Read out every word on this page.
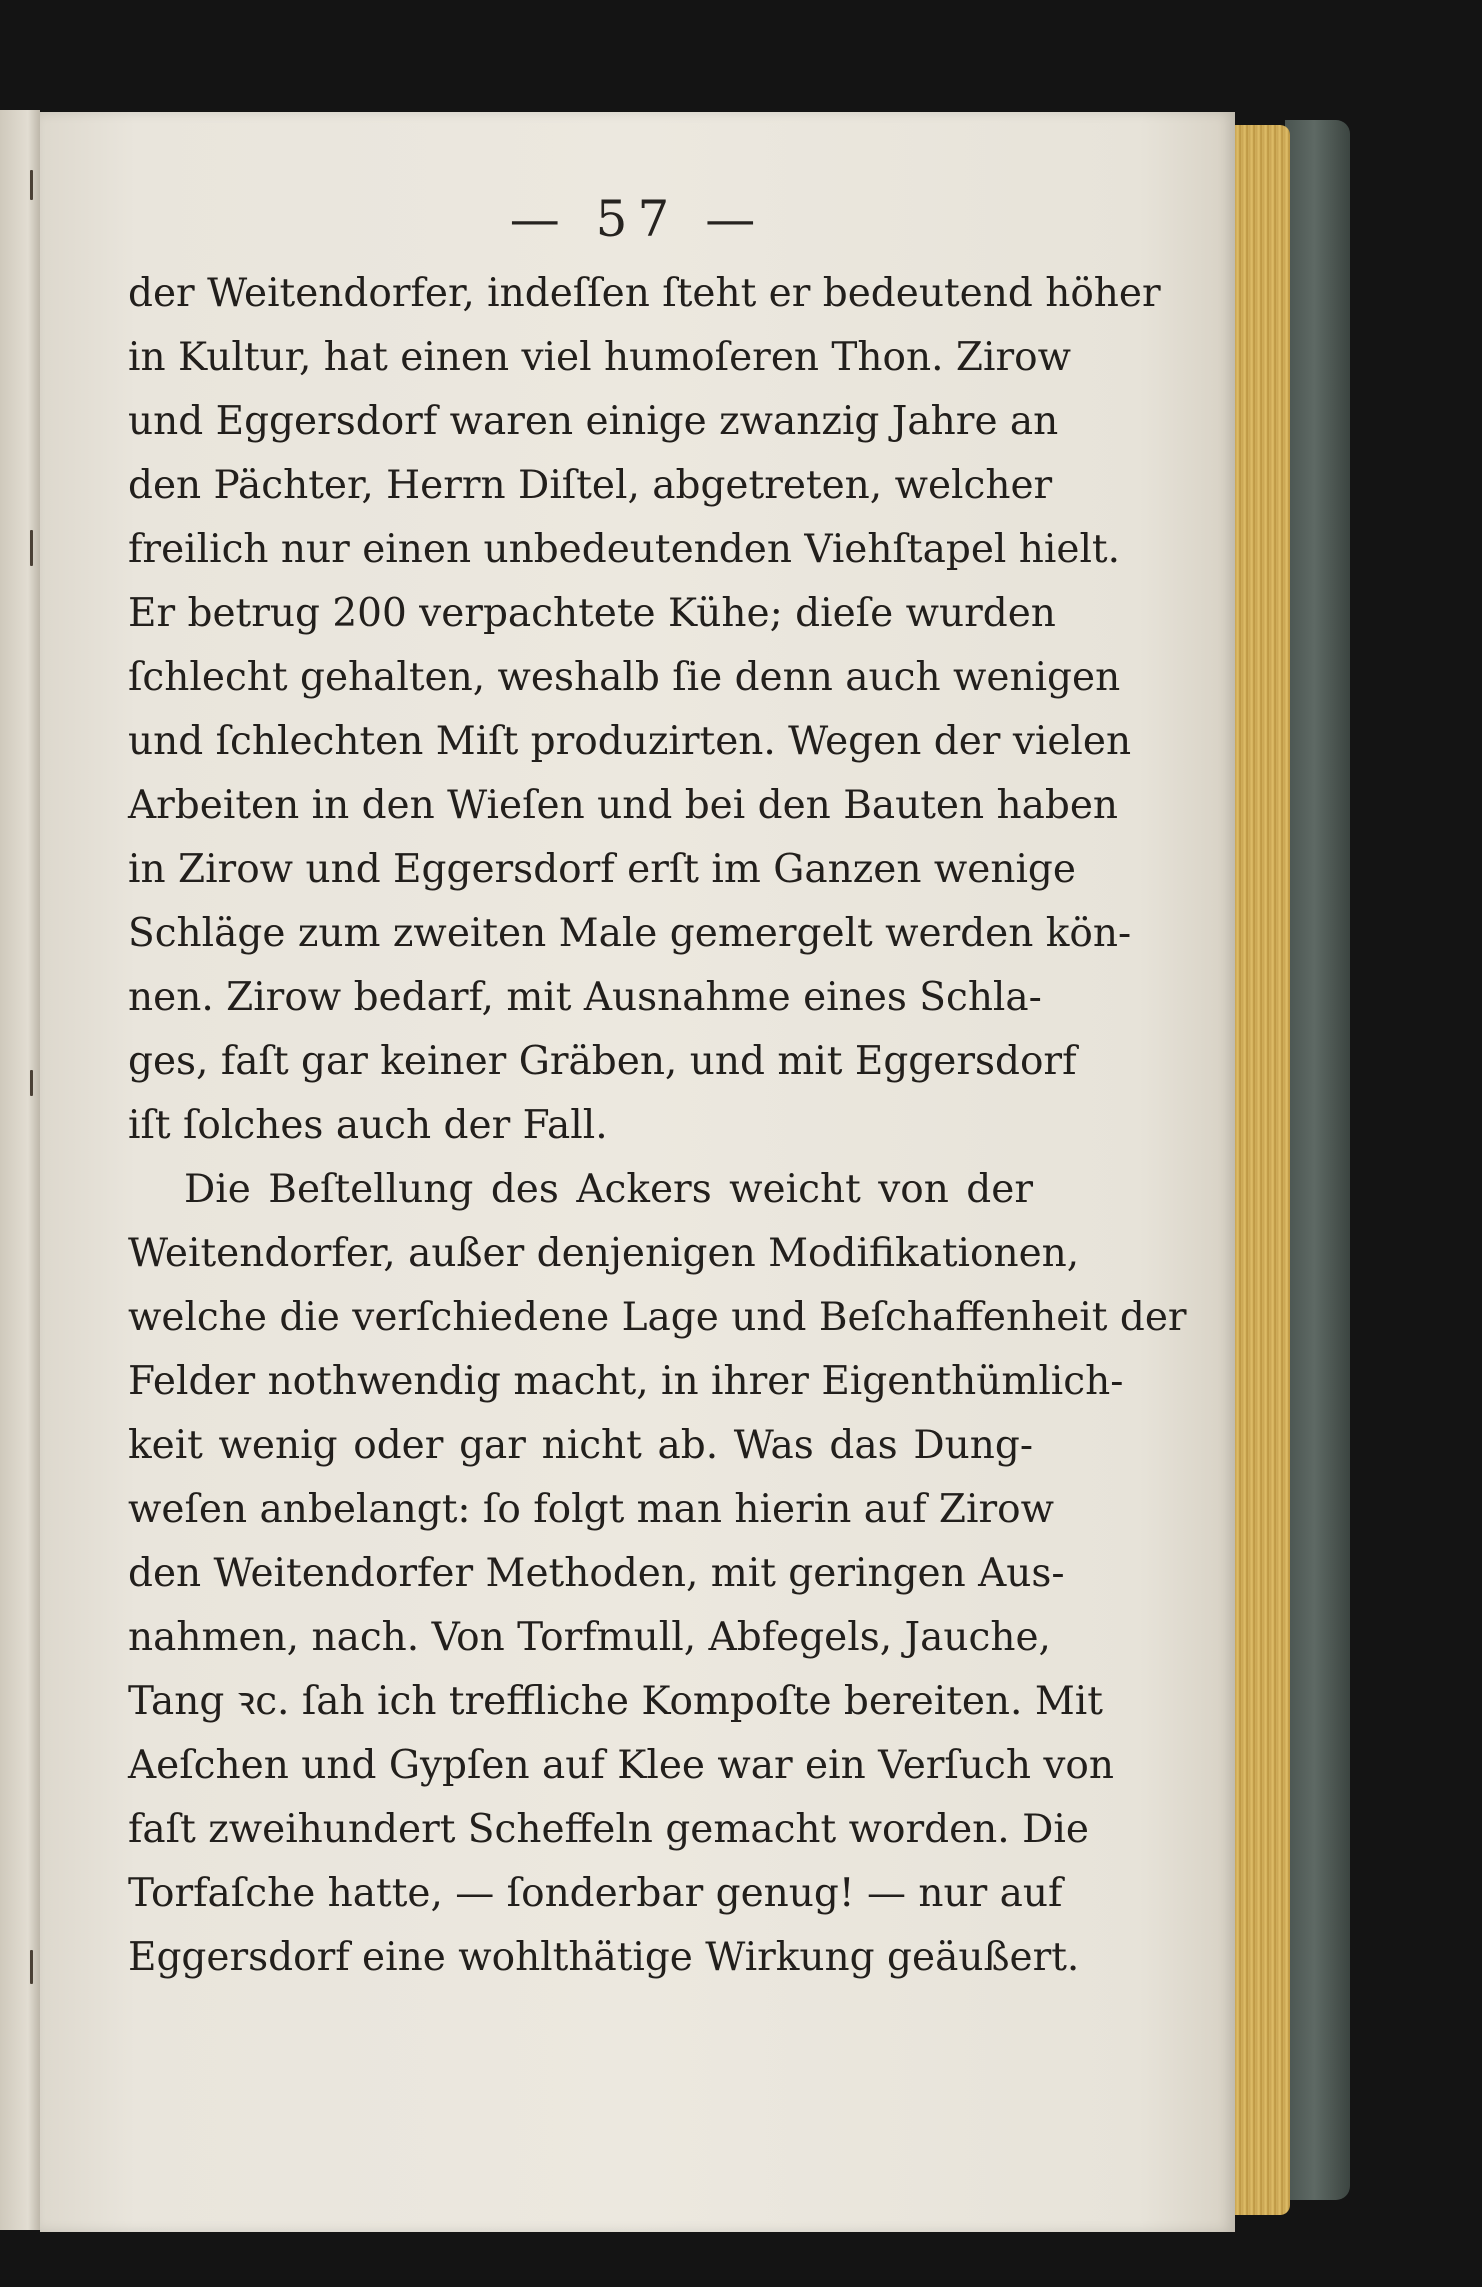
— 57 —
der Weitendorfer, indeſſen ſteht er bedeutend höher
in Kultur, hat einen viel humoſeren Thon. Zirow
und Eggersdorf waren einige zwanzig Jahre an
den Pächter, Herrn Diſtel, abgetreten, welcher
freilich nur einen unbedeutenden Viehſtapel hielt.
Er betrug 200 verpachtete Kühe; dieſe wurden
ſchlecht gehalten, weshalb ſie denn auch wenigen
und ſchlechten Miſt produzirten. Wegen der vielen
Arbeiten in den Wieſen und bei den Bauten haben
in Zirow und Eggersdorf erſt im Ganzen wenige
Schläge zum zweiten Male gemergelt werden kön-
nen. Zirow bedarf, mit Ausnahme eines Schla-
ges, faſt gar keiner Gräben, und mit Eggersdorf
iſt ſolches auch der Fall.
Die Beſtellung des Ackers weicht von der
Weitendorfer, außer denjenigen Modifikationen,
welche die verſchiedene Lage und Beſchaffenheit der
Felder nothwendig macht, in ihrer Eigenthümlich-
keit wenig oder gar nicht ab. Was das Dung-
weſen anbelangt: ſo folgt man hierin auf Zirow
den Weitendorfer Methoden, mit geringen Aus-
nahmen, nach. Von Torfmull, Abfegels, Jauche,
Tang ꝛc. ſah ich treffliche Kompoſte bereiten. Mit
Aeſchen und Gypſen auf Klee war ein Verſuch von
faſt zweihundert Scheffeln gemacht worden. Die
Torfaſche hatte, — ſonderbar genug! — nur auf
Eggersdorf eine wohlthätige Wirkung geäußert.
